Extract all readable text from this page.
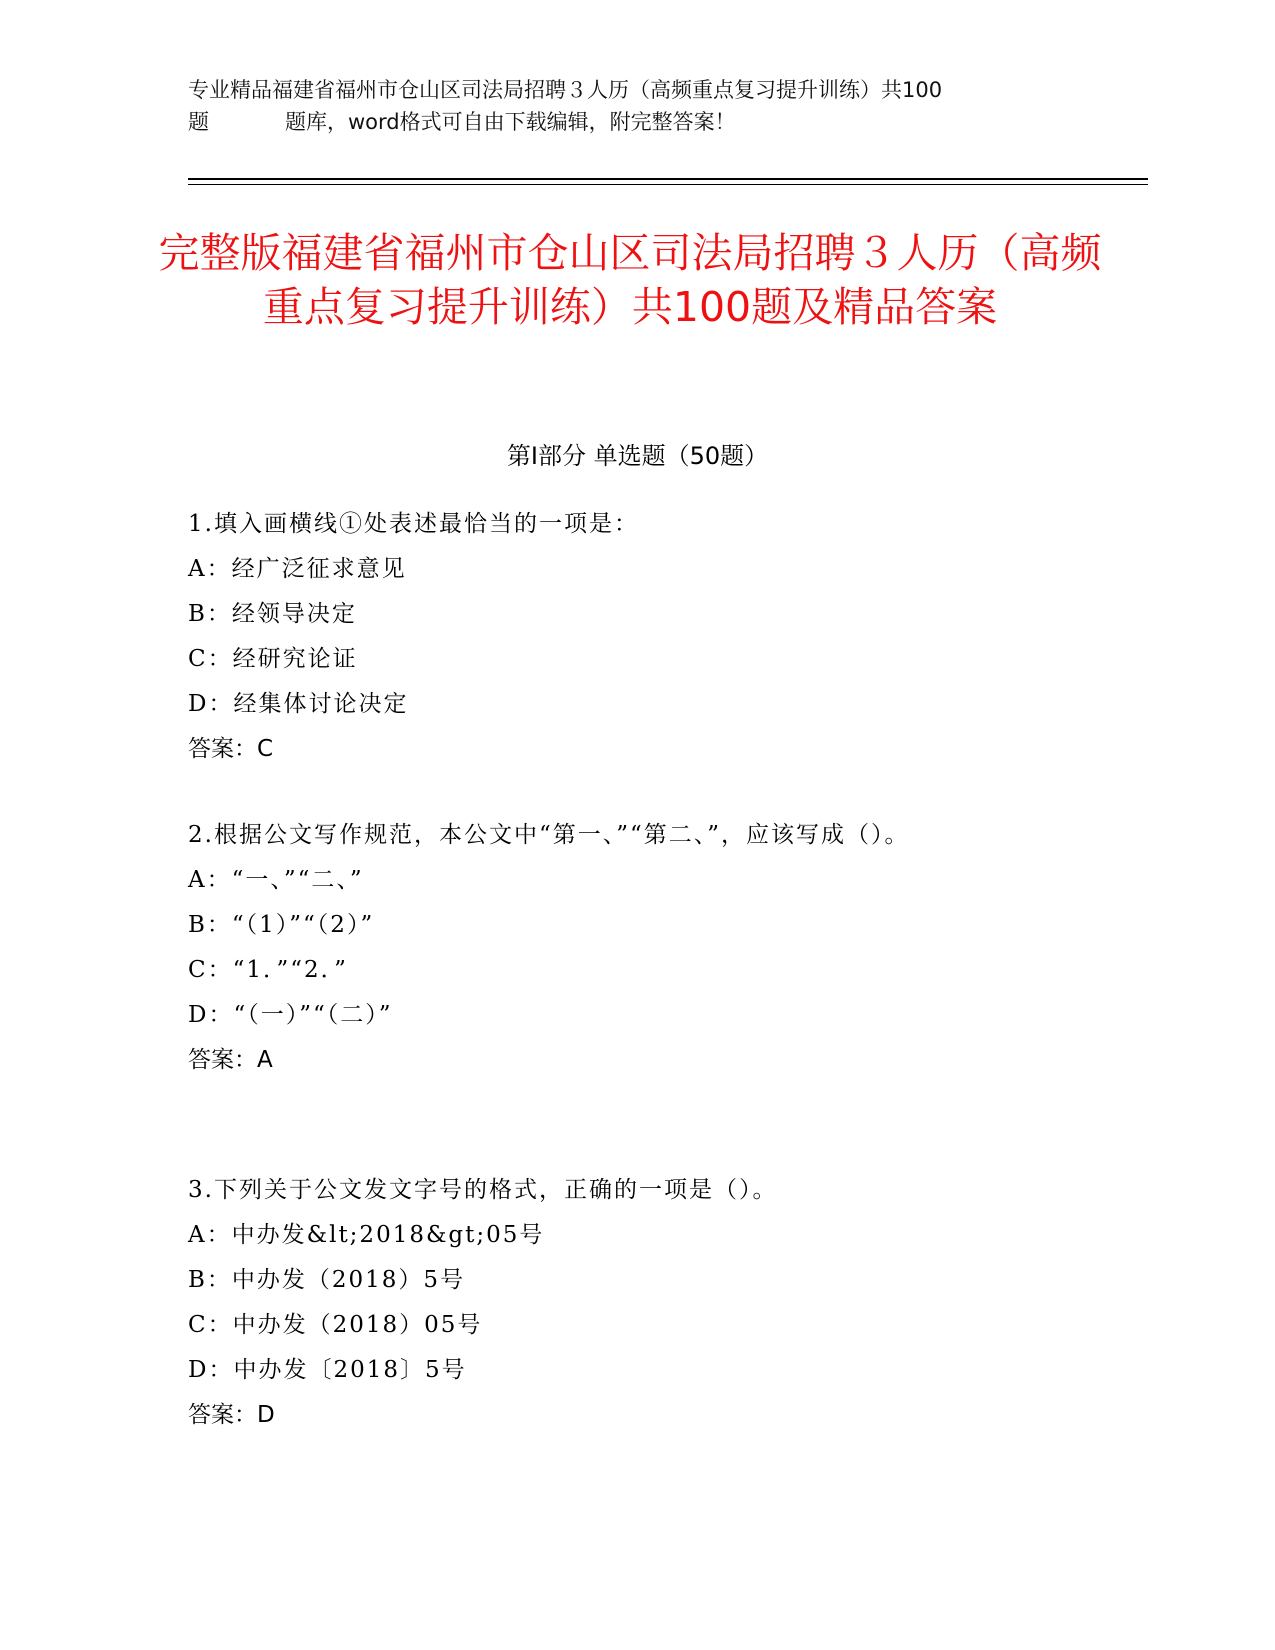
专业精品福建省福州市仓山区司法局招聘３人历（高频重点复习提升训练）共100
题	题库，word格式可自由下载编辑，附完整答案！
完整版福建省福州市仓山区司法局招聘３人历（高频重点复习提升训练）共100题及精品答案
第Ⅰ部分 单选题（50题）
1.填入画横线①处表述最恰当的一项是：
A：经广泛征求意见
B：经领导决定
C：经研究论证
D：经集体讨论决定
答案：C
2.根据公文写作规范，本公文中“第一、”“第二、”，应该写成（）。
A：“一、”“二、”
B：“（1）”“（2）”
C：“1．”“2．”
D：“（一）”“（二）”
答案：A
3.下列关于公文发文字号的格式，正确的一项是（）。
A：中办发&lt;2018&gt;05号
B：中办发（2018）5号
C：中办发（2018）05号
D：中办发〔2018〕5号
答案：D
